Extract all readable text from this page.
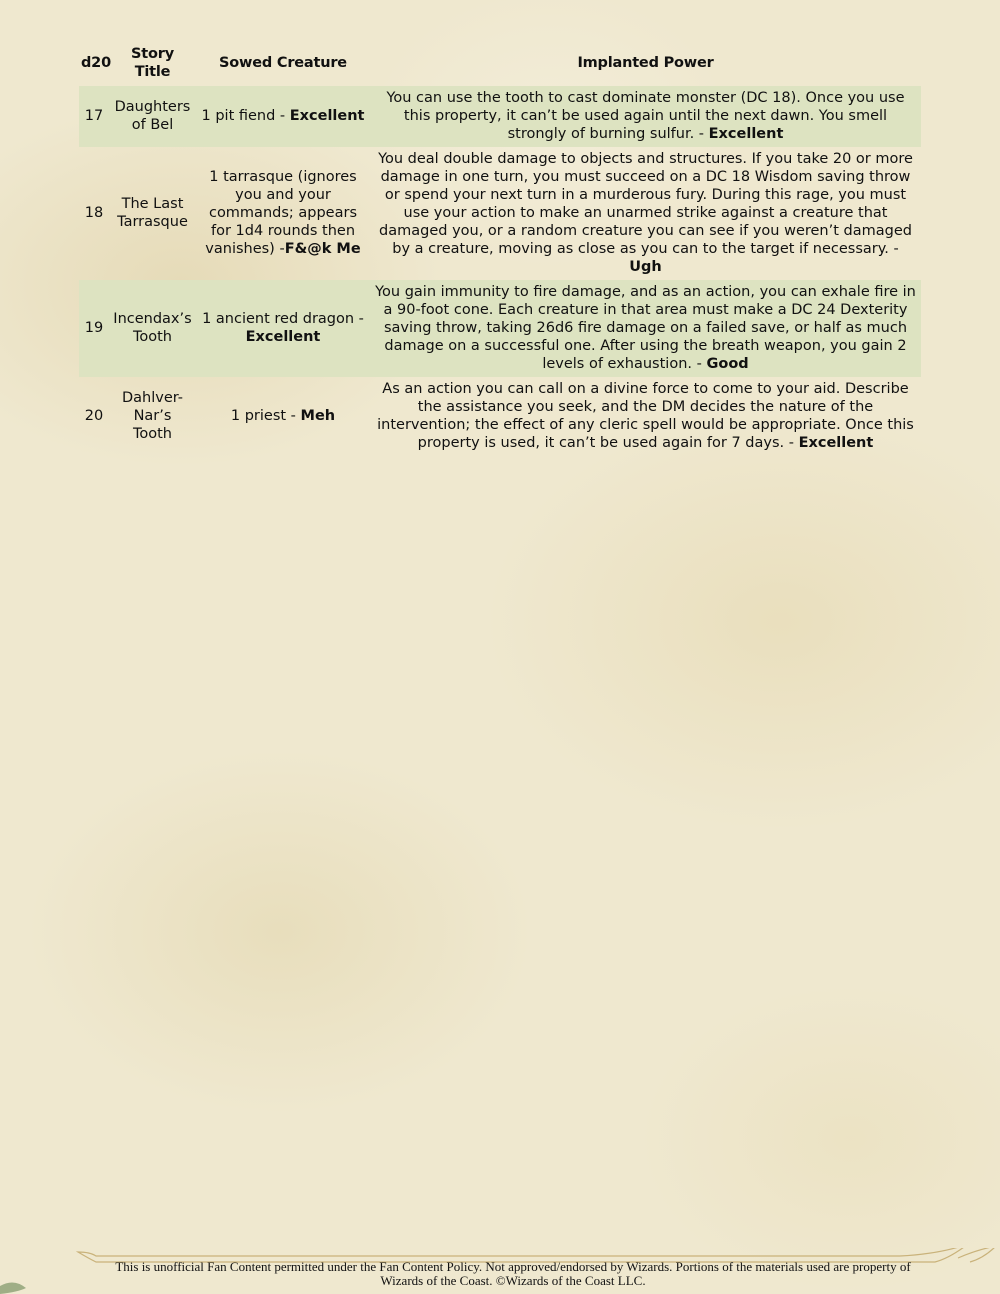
d20	Story Title	Sowed Creature	Implanted Power
17	Daughters of Bel	1 pit fiend - Excellent	You can use the tooth to cast dominate monster (DC 18). Once you use this property, it can’t be used again until the next dawn. You smell strongly of burning sulfur. - Excellent
18	The Last Tarrasque	1 tarrasque (ignores you and your commands; appears for 1d4 rounds then vanishes) -F&@k Me	You deal double damage to objects and structures. If you take 20 or more damage in one turn, you must succeed on a DC 18 Wisdom saving throw or spend your next turn in a murderous fury. During this rage, you must use your action to make an unarmed strike against a creature that damaged you, or a random creature you can see if you weren’t damaged by a creature, moving as close as you can to the target if necessary. - Ugh
19	Incendax’s Tooth	1 ancient red dragon - Excellent	You gain immunity to fire damage, and as an action, you can exhale fire in a 90-foot cone. Each creature in that area must make a DC 24 Dexterity saving throw, taking 26d6 fire damage on a failed save, or half as much damage on a successful one. After using the breath weapon, you gain 2 levels of exhaustion. - Good
20	Dahlver-Nar’s Tooth	1 priest - Meh	As an action you can call on a divine force to come to your aid. Describe the assistance you seek, and the DM decides the nature of the intervention; the effect of any cleric spell would be appropriate. Once this property is used, it can’t be used again for 7 days. - Excellent
This is unofficial Fan Content permitted under the Fan Content Policy. Not approved/endorsed by Wizards. Portions of the materials used are property of Wizards of the Coast. ©Wizards of the Coast LLC.
